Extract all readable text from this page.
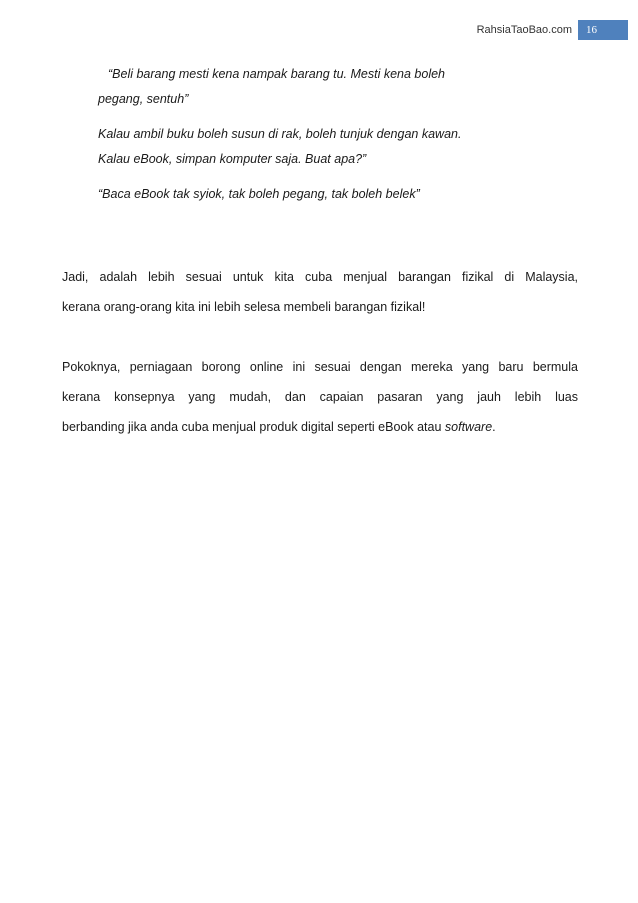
RahsiaTaoBao.com	16
“Beli barang mesti kena nampak barang tu. Mesti kena boleh
pegang, sentuh”
Kalau ambil buku boleh susun di rak, boleh tunjuk dengan kawan.
Kalau eBook, simpan komputer saja. Buat apa?”
“Baca eBook tak syiok, tak boleh pegang, tak boleh belek”
Jadi, adalah lebih sesuai untuk kita cuba menjual barangan fizikal di Malaysia,
kerana orang-orang kita ini lebih selesa membeli barangan fizikal!
Pokoknya, perniagaan borong online ini sesuai dengan mereka yang baru bermula
kerana konsepnya yang mudah, dan capaian pasaran yang jauh lebih luas
berbanding jika anda cuba menjual produk digital seperti eBook atau software.
